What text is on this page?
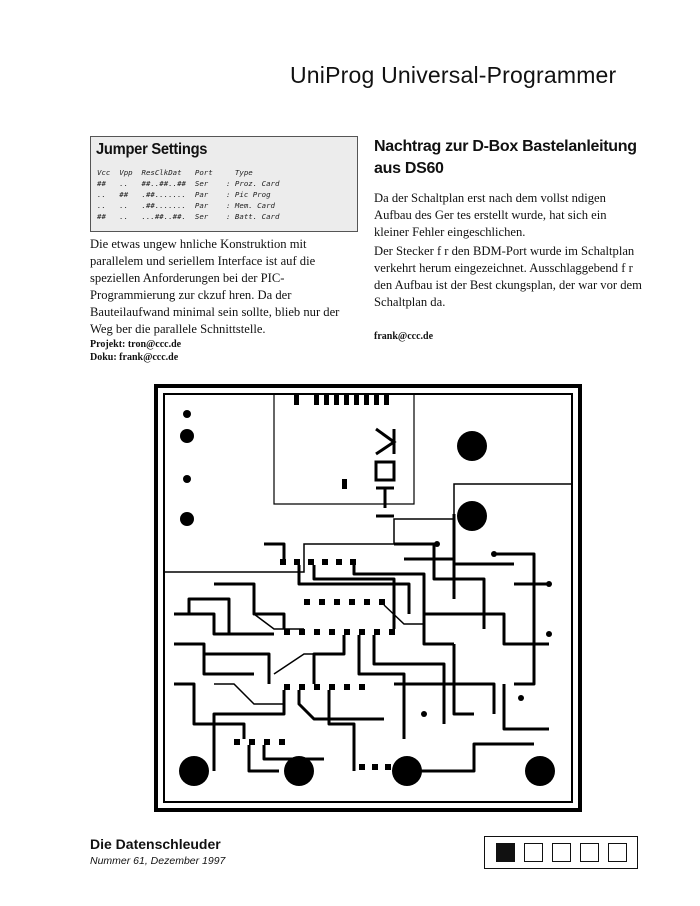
UniProg Universal-Programmer
Jumper Settings
Vcc  Vpp  ResClkDat   Port     Type
##   ..   ##..##..##  Ser    : Proz. Card
..   ##   .##.......  Par    : Pic Prog
..   ..   .##.......  Par    : Mem. Card
##   ..   ...##..##.  Ser    : Batt. Card
Die etwas ungew hnliche Konstruktion mit parallelem und seriellem Interface ist auf die speziellen Anforderungen bei der PIC-Programmierung zur ckzuf hren. Da der Bauteilaufwand minimal sein sollte, blieb nur der Weg ber die parallele Schnittstelle.
Projekt: tron@ccc.de
Doku: frank@ccc.de
Nachtrag zur D-Box Bastelanleitung aus DS60
Da der Schaltplan erst nach dem vollst ndigen Aufbau des Ger tes erstellt wurde, hat sich ein kleiner Fehler eingeschlichen.
Der Stecker f r den BDM-Port wurde im Schaltplan verkehrt herum eingezeichnet. Ausschlaggebend f r den Aufbau ist der Best ckungsplan, der war vor dem Schaltplan da.
frank@ccc.de
Die Datenschleuder
Nummer 61, Dezember 1997
